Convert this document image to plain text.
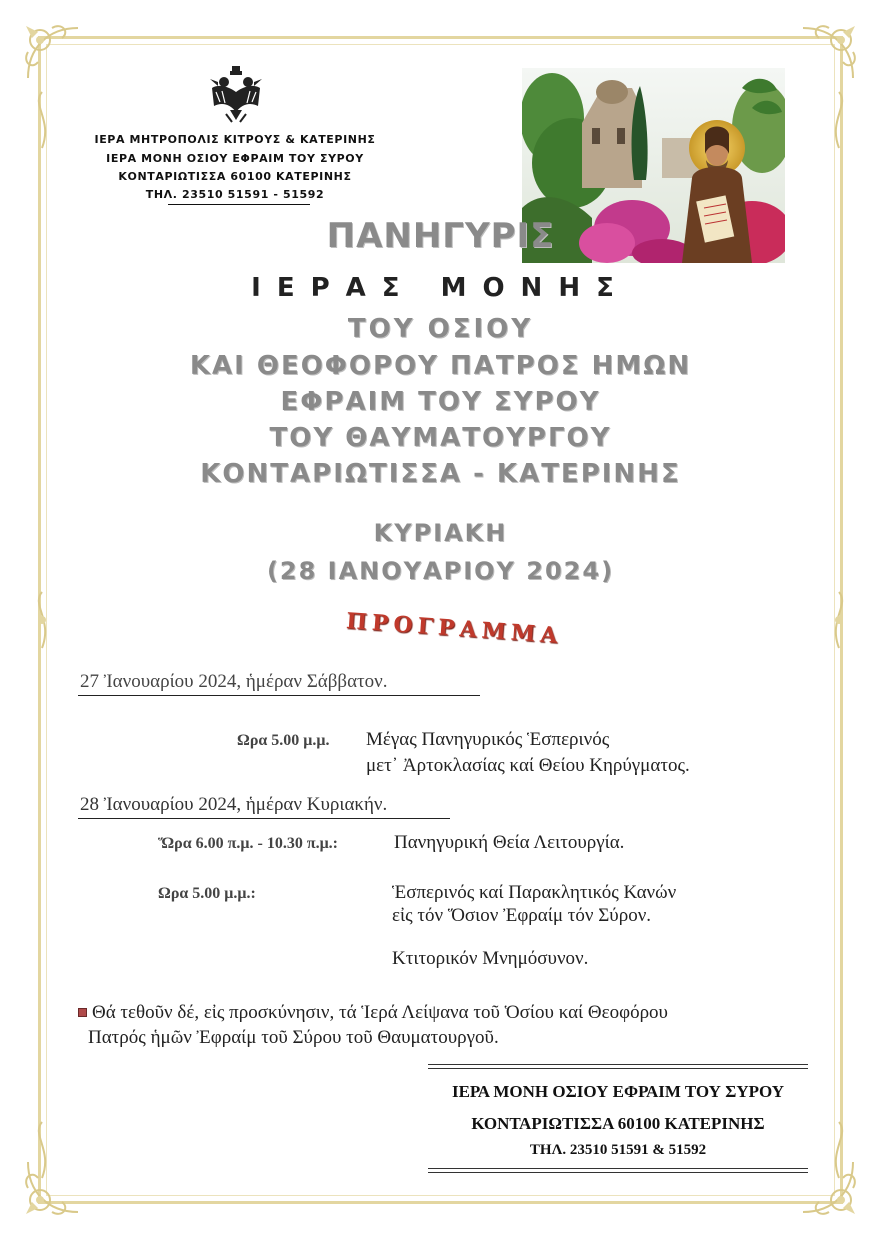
ΙΕΡΑ ΜΗΤΡΟΠΟΛΙΣ ΚΙΤΡΟΥΣ & ΚΑΤΕΡΙΝΗΣ
ΙΕΡΑ ΜΟΝΗ ΟΣΙΟΥ ΕΦΡΑΙΜ ΤΟΥ ΣΥΡΟΥ
ΚΟΝΤΑΡΙΩΤΙΣΣΑ 60100 ΚΑΤΕΡΙΝΗΣ
ΤΗΛ. 23510 51591 - 51592
ΠΑΝΗΓΥΡΙΣ
ΙΕΡΑΣ ΜΟΝΗΣ
ΤΟΥ ΟΣΙΟΥ
ΚΑΙ ΘΕΟΦΟΡΟΥ ΠΑΤΡΟΣ ΗΜΩΝ
ΕΦΡΑΙΜ ΤΟΥ ΣΥΡΟΥ
ΤΟΥ ΘΑΥΜΑΤΟΥΡΓΟΥ
ΚΟΝΤΑΡΙΩΤΙΣΣΑ - ΚΑΤΕΡΙΝΗΣ
ΚΥΡΙΑΚΗ
(28 ΙΑΝΟΥΑΡΙΟΥ 2024)
ΠΡΟΓΡΑΜΜΑ
27 Ἰανουαρίου 2024, ἡμέραν Σάββατον.
Ωρα 5.00 μ.μ. Μέγας Πανηγυρικός Ἑσπερινός
μετ᾿ Ἀρτοκλασίας καί Θείου Κηρύγματος.
28 Ἰανουαρίου 2024, ἡμέραν Κυριακήν.
Ὥρα 6.00 π.μ. - 10.30 π.μ.:	Πανηγυρική Θεία Λειτουργία.
Ωρα 5.00 μ.μ.:	Ἑσπερινός καί Παρακλητικός Κανών
εἰς τόν Ὅσιον Ἐφραίμ τόν Σύρον.
Κτιτορικόν Μνημόσυνον.
Θά τεθοῦν δέ, εἰς προσκύνησιν, τά Ἱερά Λείψανα τοῦ Ὁσίου καί Θεοφόρου
Πατρός ἡμῶν Ἐφραίμ τοῦ Σύρου τοῦ Θαυματουργοῦ.
ΙΕΡΑ ΜΟΝΗ ΟΣΙΟΥ ΕΦΡΑΙΜ ΤΟΥ ΣΥΡΟΥ
ΚΟΝΤΑΡΙΩΤΙΣΣΑ 60100 ΚΑΤΕΡΙΝΗΣ
ΤΗΛ. 23510 51591 & 51592
